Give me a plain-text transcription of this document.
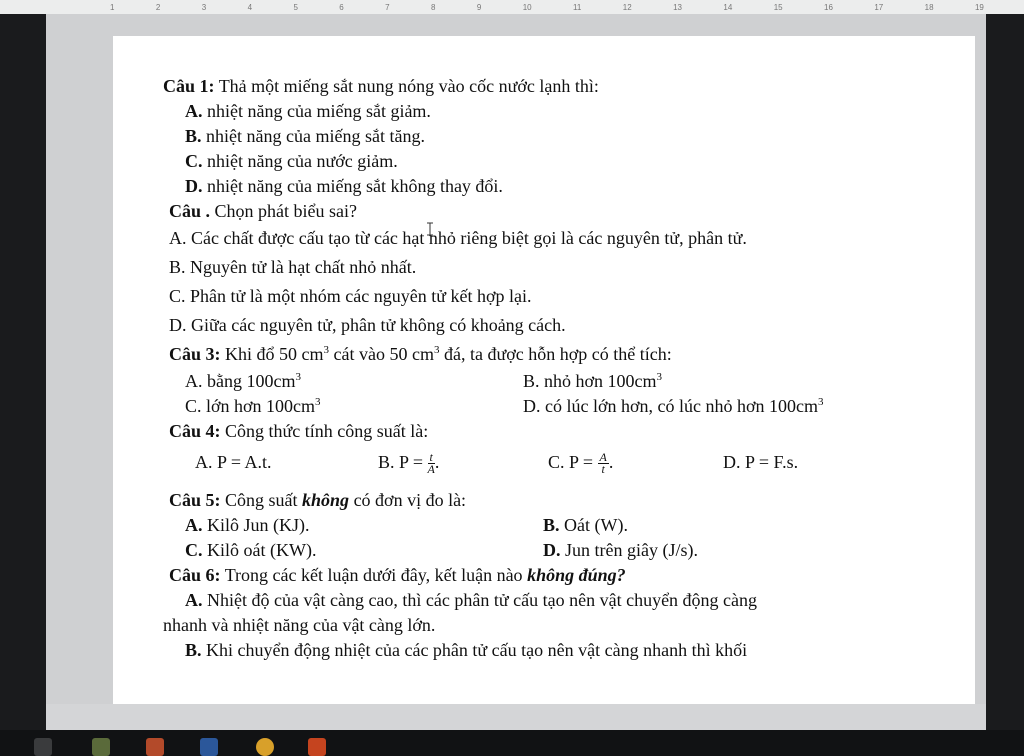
1	2	3	4	5	6	7	8	9	10	11	12	13	14	15	16	17	18	19
Câu 1: Thả một miếng sắt nung nóng vào cốc nước lạnh thì:
A. nhiệt năng của miếng sắt giảm.
B. nhiệt năng của miếng sắt tăng.
C. nhiệt năng của nước giảm.
D. nhiệt năng của miếng sắt không thay đổi.
Câu . Chọn phát biểu sai?
A. Các chất được cấu tạo từ các hạt nhỏ riêng biệt gọi là các nguyên tử, phân tử.
B. Nguyên tử là hạt chất nhỏ nhất.
C. Phân tử là một nhóm các nguyên tử kết hợp lại.
D. Giữa các nguyên tử, phân tử không có khoảng cách.
Câu 3: Khi đổ 50 $cm^3$ cát vào 50 $cm^3$ đá, ta được hỗn hợp có thể tích:
A. bằng $100cm^3$	B. nhỏ hơn $100cm^3$
C. lớn hơn $100cm^3$	D. có lúc lớn hơn, có lúc nhỏ hơn $100cm^3$
Câu 4: Công thức tính công suất là:
A. P = A.t.	B. $P = \frac{t}{A}$ .	C. $P = \frac{A}{t}$ .	D. P = F.s.
Câu 5: Công suất không có đơn vị đo là:
A. Kilô Jun (KJ).	B. Oát (W).
C. Kilô oát (KW).	D. Jun trên giây (J/s).
Câu 6: Trong các kết luận dưới đây, kết luận nào không đúng?
A. Nhiệt độ của vật càng cao, thì các phân tử cấu tạo nên vật chuyển động càng
nhanh và nhiệt năng của vật càng lớn.
B. Khi chuyển động nhiệt của các phân tử cấu tạo nên vật càng nhanh thì khối
